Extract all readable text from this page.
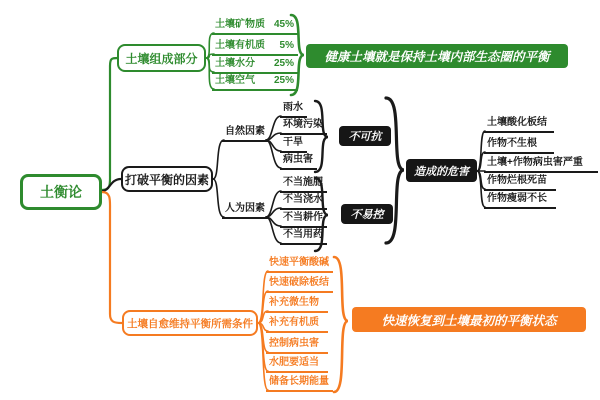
土衡论
土壤组成部分
土壤矿物质 45%
土壤有机质 5%
土壤水分 25%
土壤空气 25%
健康土壤就是保持土壤内部生态圈的平衡
打破平衡的因素
自然因素
雨水
环境污染
干旱
病虫害
不可抗
人为因素
不当施肥
不当浇水
不当耕作
不当用药
不易控
造成的危害
土壤酸化板结
作物不生根
土壤+作物病虫害严重
作物烂根死苗
作物瘦弱不长
土壤自愈维持平衡所需条件
快速平衡酸碱
快速破除板结
补充微生物
补充有机质
控制病虫害
水肥要适当
储备长期能量
快速恢复到土壤最初的平衡状态
